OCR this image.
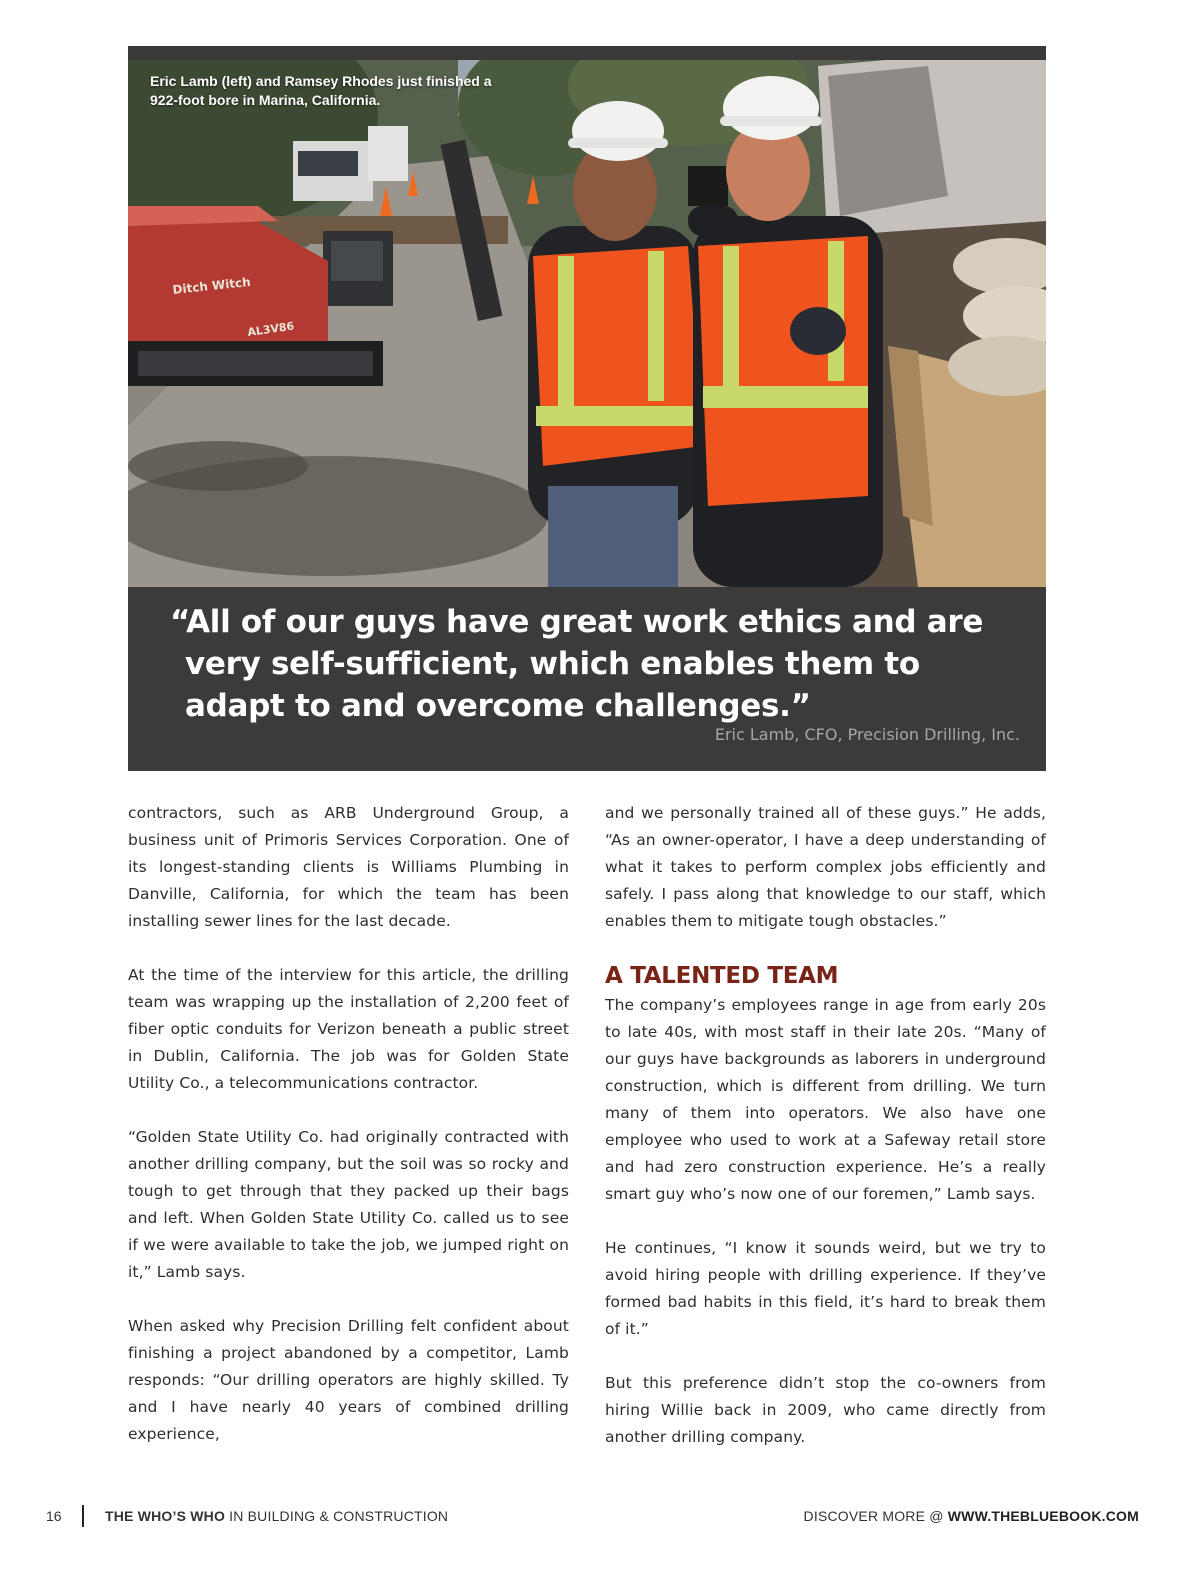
Ditch Witch
AL3V86
Eric Lamb (left) and Ramsey Rhodes just finished a 922-foot bore in Marina, California.
“All of our guys have great work ethics and are very self-sufficient, which enables them to adapt to and overcome challenges.”
Eric Lamb, CFO, Precision Drilling, Inc.

contractors, such as ARB Underground Group, a business unit of Primoris Services Corporation. One of its longest-standing clients is Williams Plumbing in Danville, California, for which the team has been installing sewer lines for the last decade.

At the time of the interview for this article, the drilling team was wrapping up the installation of 2,200 feet of fiber optic conduits for Verizon beneath a public street in Dublin, California. The job was for Golden State Utility Co., a telecommunications contractor.

“Golden State Utility Co. had originally contracted with another drilling company, but the soil was so rocky and tough to get through that they packed up their bags and left. When Golden State Utility Co. called us to see if we were available to take the job, we jumped right on it,” Lamb says.

When asked why Precision Drilling felt confident about finishing a project abandoned by a competitor, Lamb responds: “Our drilling operators are highly skilled. Ty and I have nearly 40 years of combined drilling experience,

and we personally trained all of these guys.” He adds, “As an owner-operator, I have a deep understanding of what it takes to perform complex jobs efficiently and safely. I pass along that knowledge to our staff, which enables them to mitigate tough obstacles.”

A TALENTED TEAM

The company’s employees range in age from early 20s to late 40s, with most staff in their late 20s. “Many of our guys have backgrounds as laborers in underground construction, which is different from drilling. We turn many of them into operators. We also have one employee who used to work at a Safeway retail store and had zero construction experience. He’s a really smart guy who’s now one of our foremen,” Lamb says.

He continues, “I know it sounds weird, but we try to avoid hiring people with drilling experience. If they’ve formed bad habits in this field, it’s hard to break them of it.”

But this preference didn’t stop the co-owners from hiring Willie back in 2009, who came directly from another drilling company.

16	THE WHO’S WHO IN BUILDING & CONSTRUCTION	DISCOVER MORE @ WWW.THEBLUEBOOK.COM
